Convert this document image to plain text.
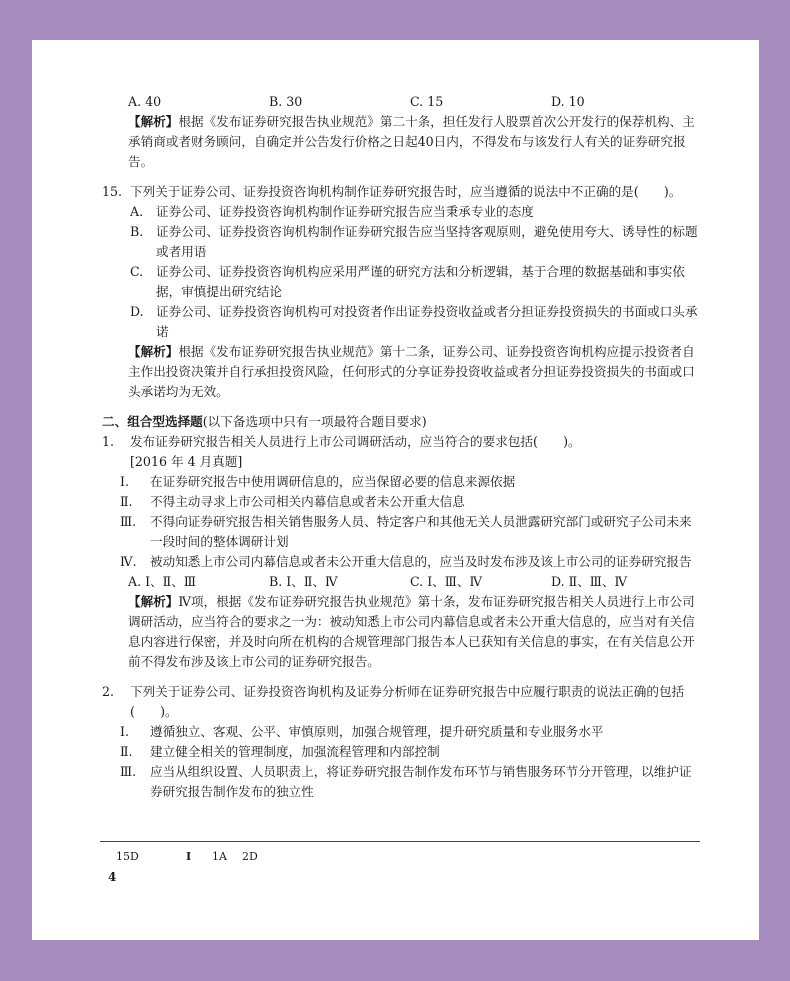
A. 40	B. 30	C. 15	D. 10

【解析】根据《发布证券研究报告执业规范》第二十条，担任发行人股票首次公开发行的保荐机构、主承销商或者财务顾问，自确定并公告发行价格之日起40日内，不得发布与该发行人有关的证券研究报告。

15. 下列关于证券公司、证券投资咨询机构制作证券研究报告时，应当遵循的说法中不正确的是(　　)。
A.	证券公司、证券投资咨询机构制作证券研究报告应当秉承专业的态度
B.	证券公司、证券投资咨询机构制作证券研究报告应当坚持客观原则，避免使用夸大、诱导性的标题或者用语
C.	证券公司、证券投资咨询机构应采用严谨的研究方法和分析逻辑，基于合理的数据基础和事实依据，审慎提出研究结论
D. 证券公司、证券投资咨询机构可对投资者作出证券投资收益或者分担证券投资损失的书面或口头承诺

【解析】根据《发布证券研究报告执业规范》第十二条，证券公司、证券投资咨询机构应提示投资者自主作出投资决策并自行承担投资风险，任何形式的分享证券投资收益或者分担证券投资损失的书面或口头承诺均为无效。

二、组合型选择题(以下备选项中只有一项最符合题目要求)
1.	发布证券研究报告相关人员进行上市公司调研活动，应当符合的要求包括(　　)。
[2016 年 4 月真题]
Ⅰ.	在证券研究报告中使用调研信息的，应当保留必要的信息来源依据
Ⅱ.	不得主动寻求上市公司相关内幕信息或者未公开重大信息
Ⅲ.	不得向证券研究报告相关销售服务人员、特定客户和其他无关人员泄露研究部门或研究子公司未来一段时间的整体调研计划
Ⅳ.	被动知悉上市公司内幕信息或者未公开重大信息的，应当及时发布涉及该上市公司的证券研究报告
A. Ⅰ、Ⅱ、Ⅲ	B. Ⅰ、Ⅱ、Ⅳ	C. Ⅰ、Ⅲ、Ⅳ	D. Ⅱ、Ⅲ、Ⅳ

【解析】Ⅳ项，根据《发布证券研究报告执业规范》第十条，发布证券研究报告相关人员进行上市公司调研活动，应当符合的要求之一为：被动知悉上市公司内幕信息或者未公开重大信息的，应当对有关信息内容进行保密，并及时向所在机构的合规管理部门报告本人已获知有关信息的事实，在有关信息公开前不得发布涉及该上市公司的证券研究报告。

2.	下列关于证券公司、证券投资咨询机构及证券分析师在证券研究报告中应履行职责的说法正确的包括(　　)。
Ⅰ.	遵循独立、客观、公平、审慎原则，加强合规管理，提升研究质量和专业服务水平
Ⅱ.	建立健全相关的管理制度，加强流程管理和内部控制
Ⅲ.	应当从组织设置、人员职责上，将证券研究报告制作发布环节与销售服务环节分开管理，以维护证券研究报告制作发布的独立性
15D	Ⅰ	1A	2D
4
